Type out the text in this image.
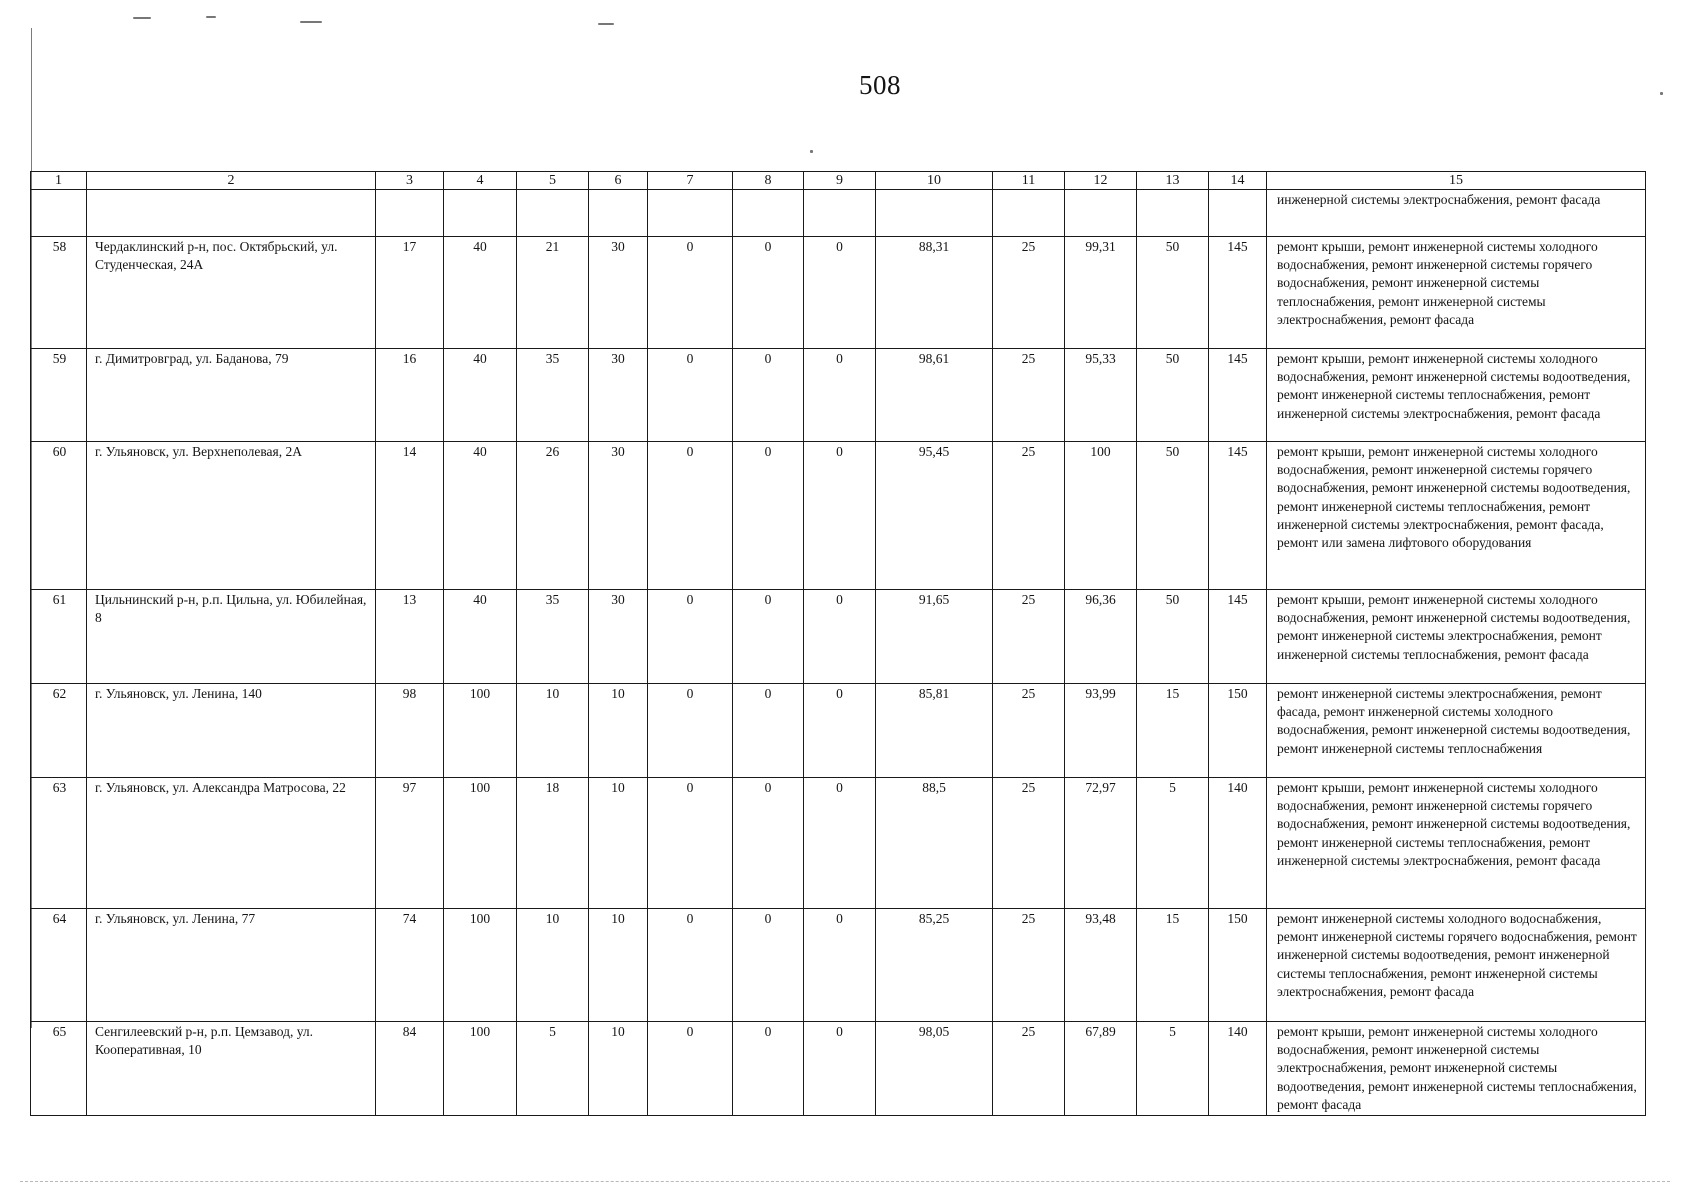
508
1	2	3	4	5	6	7	8	9	10	11	12	13	14	15
														инженерной системы электроснабжения, ремонт фасада
58	Чердаклинский р-н, пос. Октябрьский, ул. Студенческая, 24А	17	40	21	30	0	0	0	88,31	25	99,31	50	145	ремонт крыши, ремонт инженерной системы холодного водоснабжения, ремонт инженерной системы горячего водоснабжения, ремонт инженерной системы теплоснабжения, ремонт инженерной системы электроснабжения, ремонт фасада
59	г. Димитровград, ул. Баданова, 79	16	40	35	30	0	0	0	98,61	25	95,33	50	145	ремонт крыши, ремонт инженерной системы холодного водоснабжения, ремонт инженерной системы водоотведения, ремонт инженерной системы теплоснабжения, ремонт инженерной системы электроснабжения, ремонт фасада
60	г. Ульяновск, ул. Верхнеполевая, 2А	14	40	26	30	0	0	0	95,45	25	100	50	145	ремонт крыши, ремонт инженерной системы холодного водоснабжения, ремонт инженерной системы горячего водоснабжения, ремонт инженерной системы водоотведения, ремонт инженерной системы теплоснабжения, ремонт инженерной системы электроснабжения, ремонт фасада, ремонт или замена лифтового оборудования
61	Цильнинский р-н, р.п. Цильна, ул. Юбилейная, 8	13	40	35	30	0	0	0	91,65	25	96,36	50	145	ремонт крыши, ремонт инженерной системы холодного водоснабжения, ремонт инженерной системы водоотведения, ремонт инженерной системы электроснабжения, ремонт инженерной системы теплоснабжения, ремонт фасада
62	г. Ульяновск, ул. Ленина, 140	98	100	10	10	0	0	0	85,81	25	93,99	15	150	ремонт инженерной системы электроснабжения, ремонт фасада, ремонт инженерной системы холодного водоснабжения, ремонт инженерной системы водоотведения, ремонт инженерной системы теплоснабжения
63	г. Ульяновск, ул. Александра Матросова, 22	97	100	18	10	0	0	0	88,5	25	72,97	5	140	ремонт крыши, ремонт инженерной системы холодного водоснабжения, ремонт инженерной системы горячего водоснабжения, ремонт инженерной системы водоотведения, ремонт инженерной системы теплоснабжения, ремонт инженерной системы электроснабжения, ремонт фасада
64	г. Ульяновск, ул. Ленина, 77	74	100	10	10	0	0	0	85,25	25	93,48	15	150	ремонт инженерной системы холодного водоснабжения, ремонт инженерной системы горячего водоснабжения, ремонт инженерной системы водоотведения, ремонт инженерной системы теплоснабжения, ремонт инженерной системы электроснабжения, ремонт фасада
65	Сенгилеевский р-н, р.п. Цемзавод, ул. Кооперативная, 10	84	100	5	10	0	0	0	98,05	25	67,89	5	140	ремонт крыши, ремонт инженерной системы холодного водоснабжения, ремонт инженерной системы электроснабжения, ремонт инженерной системы водоотведения, ремонт инженерной системы теплоснабжения, ремонт фасада
